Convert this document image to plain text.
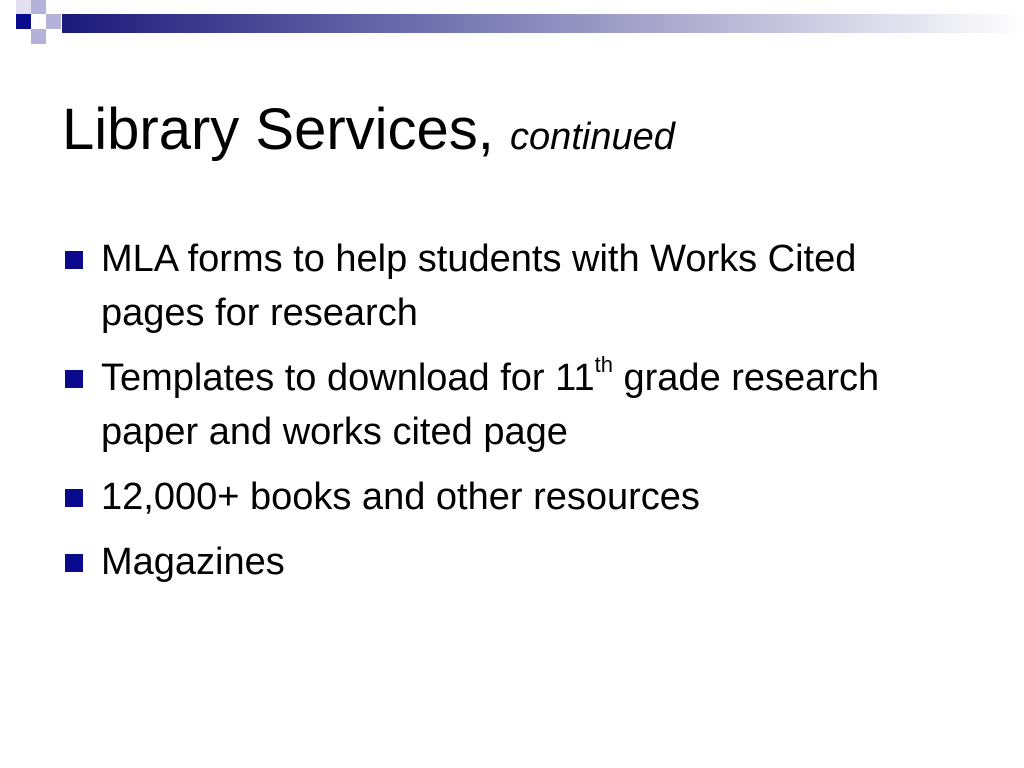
Library Services, continued
MLA forms to help students with Works Cited pages for research
Templates to download for 11th grade research paper and works cited page
12,000+ books and other resources
Magazines
